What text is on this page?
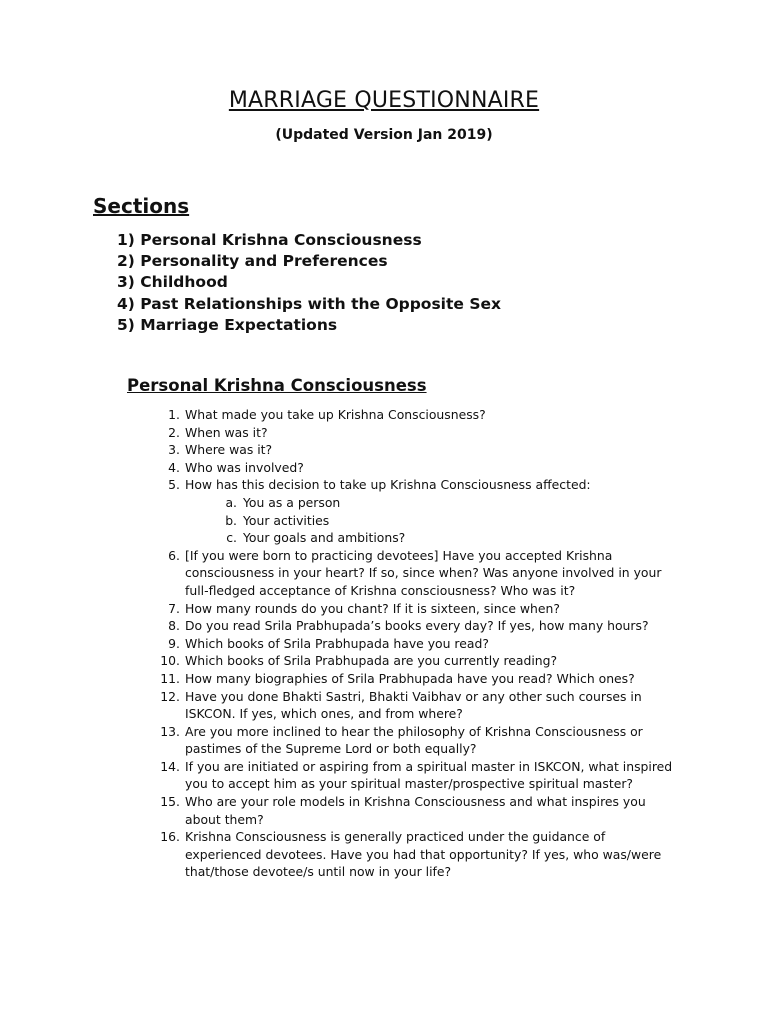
MARRIAGE QUESTIONNAIRE
(Updated Version Jan 2019)
Sections
1) Personal Krishna Consciousness
2) Personality and Preferences
3) Childhood
4) Past Relationships with the Opposite Sex
5) Marriage Expectations
Personal Krishna Consciousness
1. What made you take up Krishna Consciousness?
2. When was it?
3. Where was it?
4. Who was involved?
5. How has this decision to take up Krishna Consciousness affected:
a. You as a person
b. Your activities
c. Your goals and ambitions?
6. [If you were born to practicing devotees] Have you accepted Krishna consciousness in your heart? If so, since when? Was anyone involved in your full-fledged acceptance of Krishna consciousness? Who was it?
7. How many rounds do you chant? If it is sixteen, since when?
8. Do you read Srila Prabhupada’s books every day? If yes, how many hours?
9. Which books of Srila Prabhupada have you read?
10. Which books of Srila Prabhupada are you currently reading?
11. How many biographies of Srila Prabhupada have you read? Which ones?
12. Have you done Bhakti Sastri, Bhakti Vaibhav or any other such courses in ISKCON. If yes, which ones, and from where?
13. Are you more inclined to hear the philosophy of Krishna Consciousness or pastimes of the Supreme Lord or both equally?
14. If you are initiated or aspiring from a spiritual master in ISKCON, what inspired you to accept him as your spiritual master/prospective spiritual master?
15. Who are your role models in Krishna Consciousness and what inspires you about them?
16. Krishna Consciousness is generally practiced under the guidance of experienced devotees. Have you had that opportunity? If yes, who was/were that/those devotee/s until now in your life?
